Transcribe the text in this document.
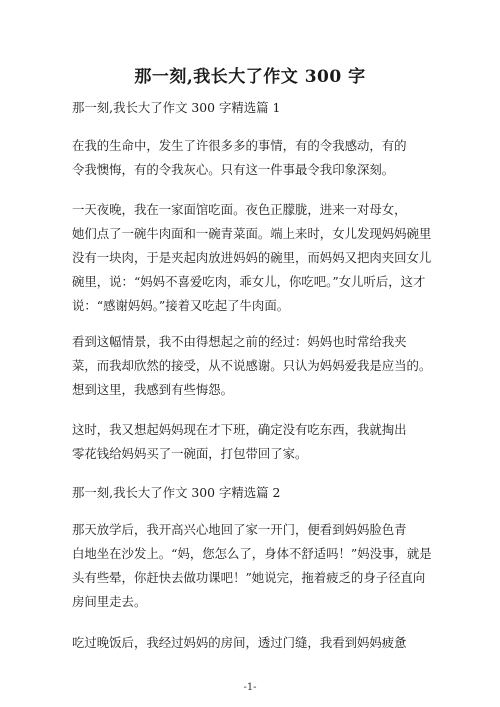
那一刻,我长大了作文 300 字
那一刻,我长大了作文 300 字精选篇 1
在我的生命中，发生了许很多多的事情，有的令我感动，有的
令我懊悔，有的令我灰心。只有这一件事最令我印象深刻。
一天夜晚，我在一家面馆吃面。夜色正朦胧，进来一对母女，
她们点了一碗牛肉面和一碗青菜面。端上来时，女儿发现妈妈碗里
没有一块肉，于是夹起肉放进妈妈的碗里，而妈妈又把肉夹回女儿
碗里，说：“妈妈不喜爱吃肉，乖女儿，你吃吧。”女儿听后，这才
说：“感谢妈妈。”接着又吃起了牛肉面。
看到这幅情景，我不由得想起之前的经过：妈妈也时常给我夹
菜，而我却欣然的接受，从不说感谢。只认为妈妈爱我是应当的。
想到这里，我感到有些悔怨。
这时，我又想起妈妈现在才下班，确定没有吃东西，我就掏出
零花钱给妈妈买了一碗面，打包带回了家。
那一刻,我长大了作文 300 字精选篇 2
那天放学后，我开高兴心地回了家一开门，便看到妈妈脸色青
白地坐在沙发上。“妈，您怎么了，身体不舒适吗！”妈没事，就是
头有些晕，你赶快去做功课吧！”她说完，拖着疲乏的身子径直向
房间里走去。
吃过晚饭后，我经过妈妈的房间，透过门缝，我看到妈妈疲惫
-1-
